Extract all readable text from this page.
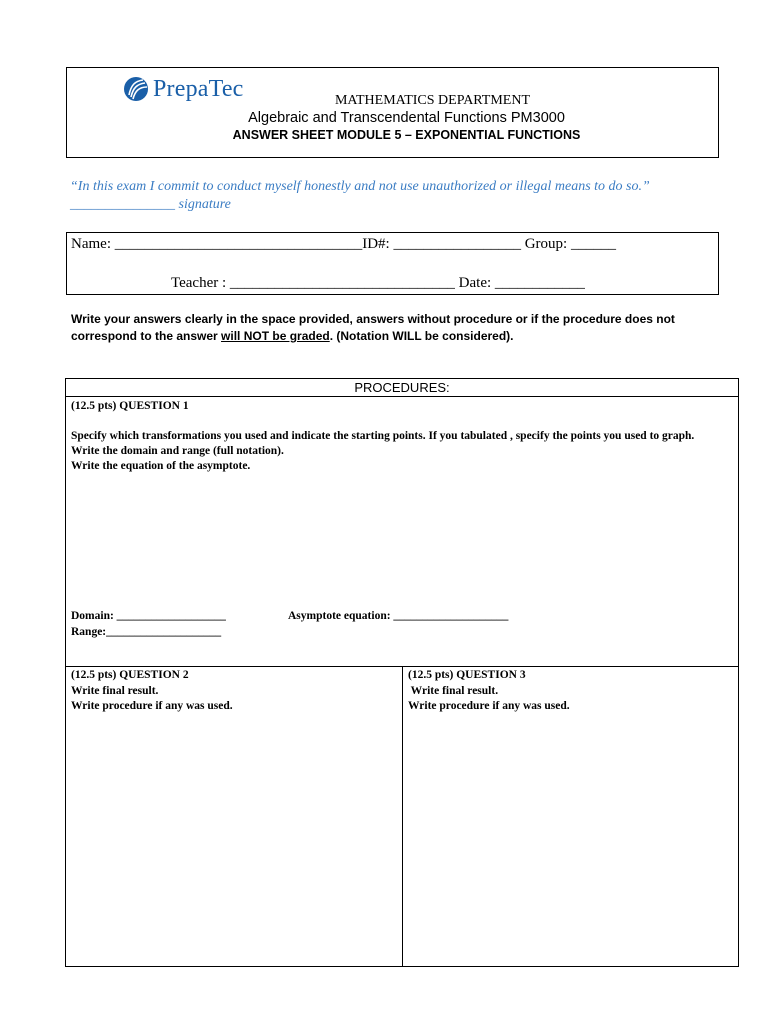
PrepaTec	MATHEMATICS DEPARTMENT
Algebraic and Transcendental Functions PM3000
ANSWER SHEET MODULE 5 – EXPONENTIAL FUNCTIONS
“In this exam I commit to conduct myself honestly and not use unauthorized or illegal means to do so.”
_______________ signature
Name: _________________________________ID#: _________________ Group: ______
Teacher : ______________________________ Date: ____________
Write your answers clearly in the space provided, answers without procedure or if the procedure does not correspond to the answer will NOT be graded. (Notation WILL be considered).
PROCEDURES:
(12.5 pts) QUESTION 1
Specify which transformations you used and indicate the starting points. If you tabulated , specify the points you used to graph.
Write the domain and range (full notation).
Write the equation of the asymptote.
Domain: ___________________	Asymptote equation: ____________________
Range:____________________
(12.5 pts) QUESTION 2
Write final result.
Write procedure if any was used.
(12.5 pts) QUESTION 3
Write final result.
Write procedure if any was used.
